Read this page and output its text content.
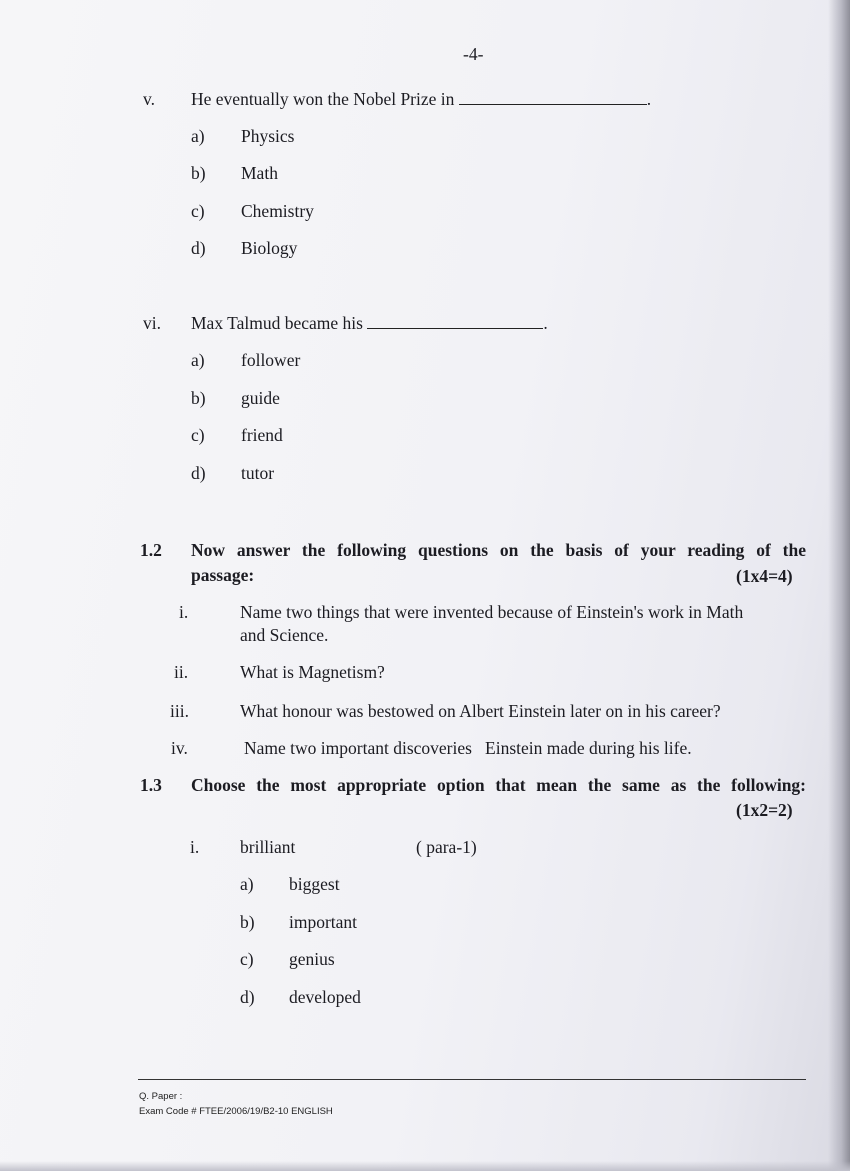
-4-
v. He eventually won the Nobel Prize in	.
a) Physics
b) Math
c) Chemistry
d) Biology
vi. Max Talmud became his	.
a) follower
b) guide
c) friend
d) tutor
1.2 Now answer the following questions on the basis of your reading of the
passage:	(1x4=4)
i.	Name two things that were invented because of Einstein's work in Math
and Science.
ii.	What is Magnetism?
iii.	What honour was bestowed on Albert Einstein later on in his career?
iv.	Name two important discoveries   Einstein made during his life.
1.3 Choose the most appropriate option that mean the same as the following:
(1x2=2)
i. brilliant	( para-1)
a) biggest
b) important
c) genius
d) developed
Q. Paper :
Exam Code # FTEE/2006/19/B2-10 ENGLISH
